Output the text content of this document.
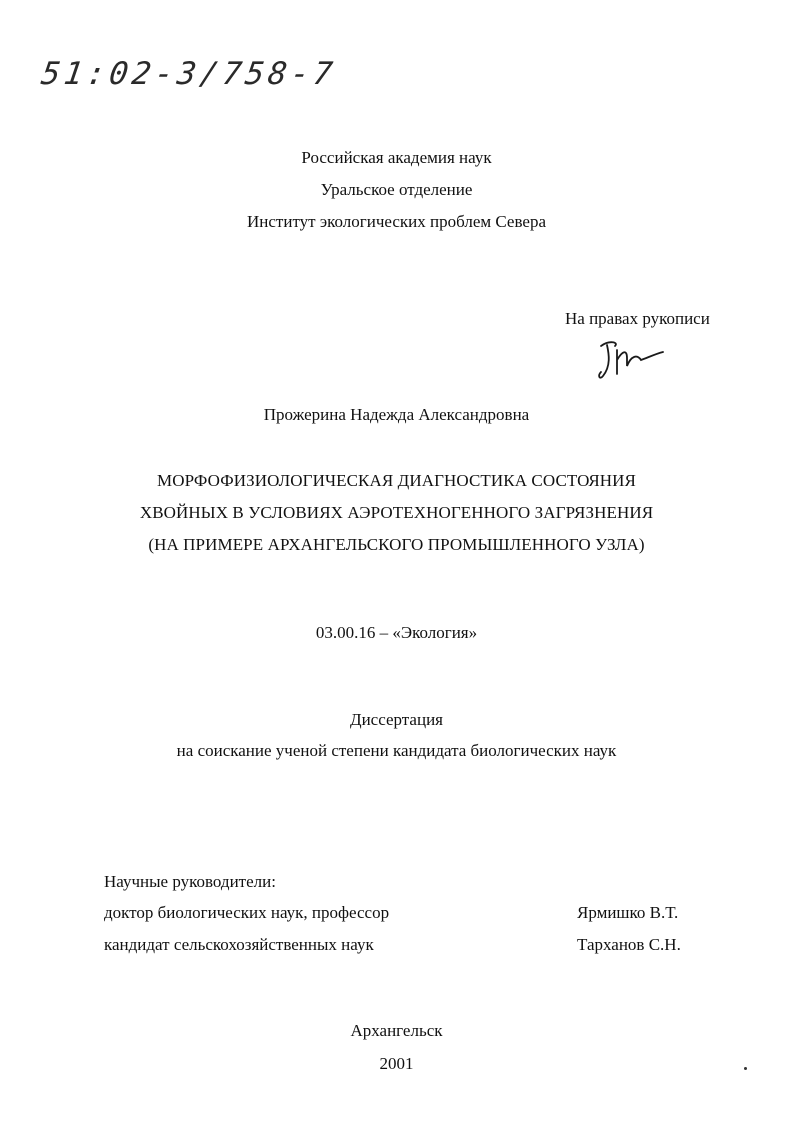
51:02-3/758-7
Российская академия наук
Уральское отделение
Институт экологических проблем Севера
На правах рукописи
Прожерина Надежда Александровна
МОРФОФИЗИОЛОГИЧЕСКАЯ ДИАГНОСТИКА СОСТОЯНИЯ
ХВОЙНЫХ В УСЛОВИЯХ АЭРОТЕХНОГЕННОГО ЗАГРЯЗНЕНИЯ
(НА ПРИМЕРЕ АРХАНГЕЛЬСКОГО ПРОМЫШЛЕННОГО УЗЛА)
03.00.16 – «Экология»
Диссертация
на соискание ученой степени кандидата биологических наук
Научные руководители:
доктор биологических наук, профессор	Ярмишко В.Т.
кандидат сельскохозяйственных наук	Тарханов С.Н.
Архангельск
2001
